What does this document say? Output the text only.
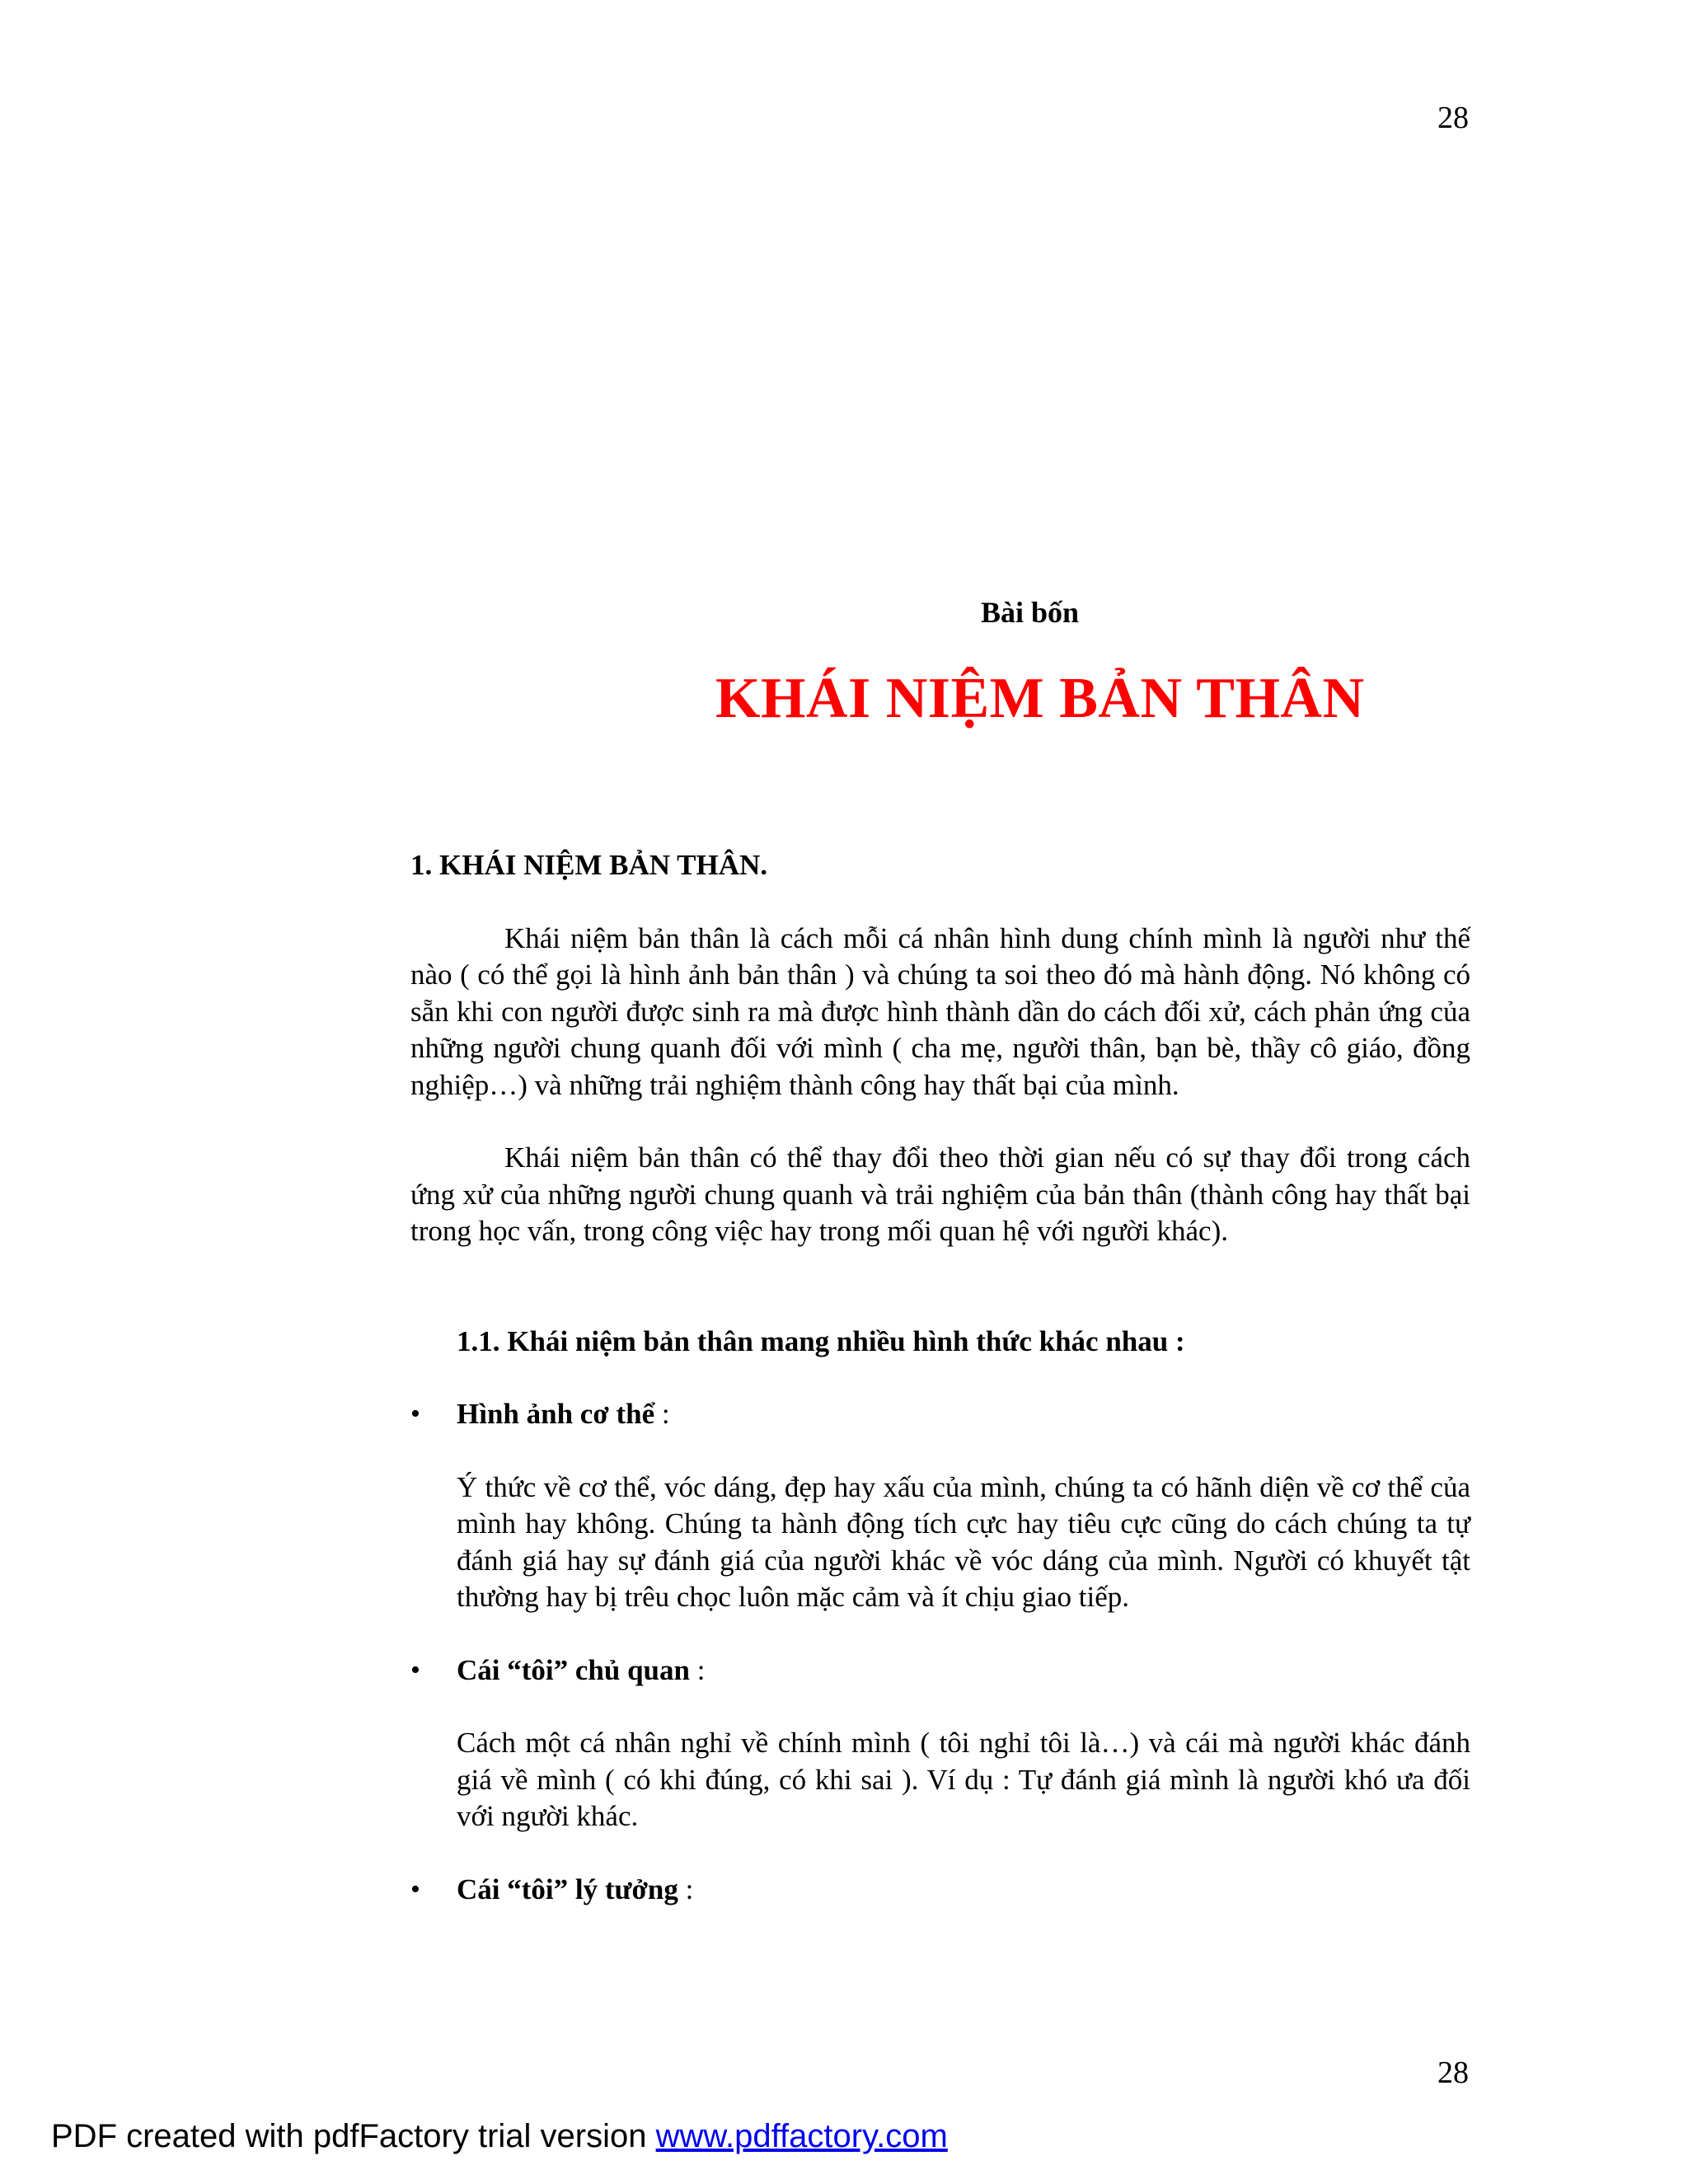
28
Bài bốn
KHÁI NIỆM BẢN THÂN

1. KHÁI NIỆM BẢN THÂN.

Khái niệm bản thân là cách mỗi cá nhân hình dung chính mình là người như thế nào ( có thể gọi là hình ảnh bản thân ) và chúng ta soi theo đó mà hành động. Nó không có sẵn khi con người được sinh ra mà được hình thành dần do cách đối xử, cách phản ứng của những người chung quanh đối với mình ( cha mẹ, người thân, bạn bè, thầy cô giáo, đồng nghiệp…) và những trải nghiệm thành công hay thất bại của mình.

Khái niệm bản thân có thể thay đổi theo thời gian nếu có sự thay đổi trong cách ứng xử của những người chung quanh và trải nghiệm của bản thân (thành công hay thất bại trong học vấn, trong công việc hay trong mối quan hệ với người khác).

1.1. Khái niệm bản thân mang nhiều hình thức khác nhau :

• Hình ảnh cơ thể :
Ý thức về cơ thể, vóc dáng, đẹp hay xấu của mình, chúng ta có hãnh diện về cơ thể của mình hay không. Chúng ta hành động tích cực hay tiêu cực cũng do cách chúng ta tự đánh giá hay sự đánh giá của người khác về vóc dáng của mình. Người có khuyết tật thường hay bị trêu chọc luôn mặc cảm và ít chịu giao tiếp.
• Cái “tôi” chủ quan :
Cách một cá nhân nghỉ về chính mình ( tôi nghỉ tôi là…) và cái mà người khác đánh giá về mình ( có khi đúng, có khi sai ). Ví dụ : Tự đánh giá mình là người khó ưa đối với người khác.
• Cái “tôi” lý tưởng :
28
PDF created with pdfFactory trial version www.pdffactory.com
